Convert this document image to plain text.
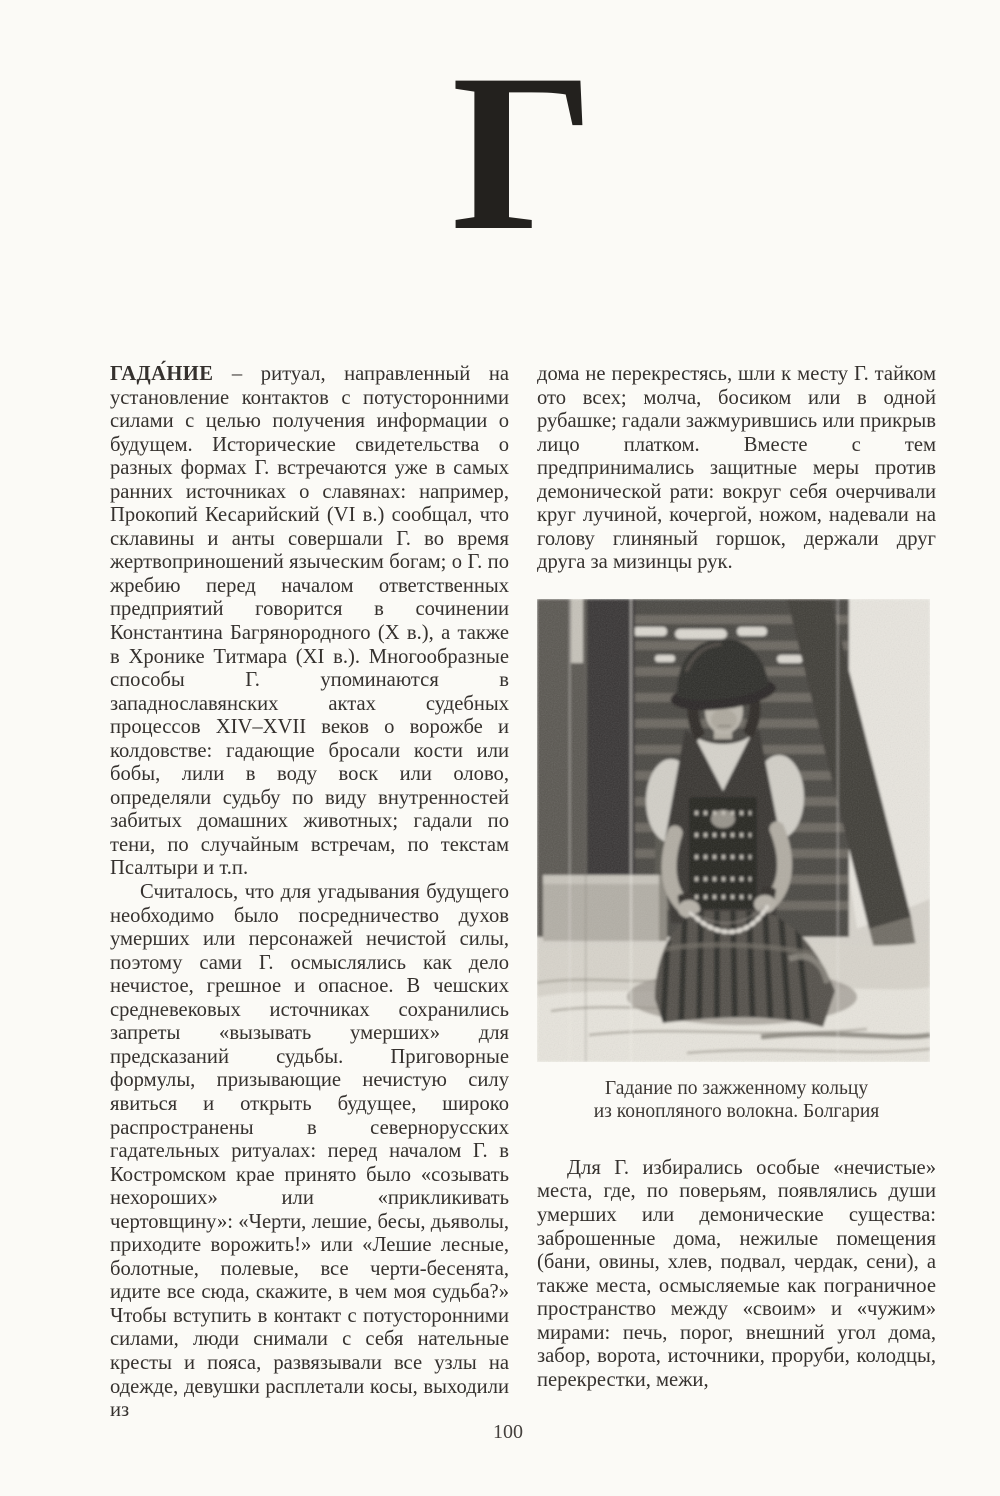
Г

ГАДА́НИЕ – ритуал, направленный на установление контактов с потусторонними силами с целью получения информации о будущем. Исторические свидетельства о разных формах Г. встречаются уже в самых ранних источниках о славянах: например, Прокопий Кесарийский (VI в.) сообщал, что склавины и анты совершали Г. во время жертвоприношений языческим богам; о Г. по жребию перед началом ответственных предприятий говорится в сочинении Константина Багрянородного (X в.), а также в Хронике Титмара (XI в.). Многообразные способы Г. упоминаются в западнославянских актах судебных процессов XIV–XVII веков о ворожбе и колдовстве: гадающие бросали кости или бобы, лили в воду воск или олово, определяли судьбу по виду внутренностей забитых домашних животных; гадали по тени, по случайным встречам, по текстам Псалтыри и т.п.

Считалось, что для угадывания будущего необходимо было посредничество духов умерших или персонажей нечистой силы, поэтому сами Г. осмыслялись как дело нечистое, грешное и опасное. В чешских средневековых источниках сохранились запреты «вызывать умерших» для предсказаний судьбы. Приговорные формулы, призывающие нечистую силу явиться и открыть будущее, широко распространены в севернорусских гадательных ритуалах: перед началом Г. в Костромском крае принято было «созывать нехороших» или «прикликивать чертовщину»: «Черти, лешие, бесы, дьяволы, приходите ворожить!» или «Лешие лесные, болотные, полевые, все черти-бесенята, идите все сюда, скажите, в чем моя судьба?» Чтобы вступить в контакт с потусторонними силами, люди снимали с себя нательные кресты и пояса, развязывали все узлы на одежде, девушки расплетали косы, выходили из

дома не перекрестясь, шли к месту Г. тайком ото всех; молча, босиком или в одной рубашке; гадали зажмурившись или прикрыв лицо платком. Вместе с тем предпринимались защитные меры против демонической рати: вокруг себя очерчивали круг лучиной, кочергой, ножом, надевали на голову глиняный горшок, держали друг друга за мизинцы рук.

Гадание по зажженному кольцу
из конопляного волокна. Болгария

Для Г. избирались особые «нечистые» места, где, по поверьям, появлялись души умерших или демонические существа: заброшенные дома, нежилые помещения (бани, овины, хлев, подвал, чердак, сени), а также места, осмысляемые как пограничное пространство между «своим» и «чужим» мирами: печь, порог, внешний угол дома, забор, ворота, источники, проруби, колодцы, перекрестки, межи,

100
